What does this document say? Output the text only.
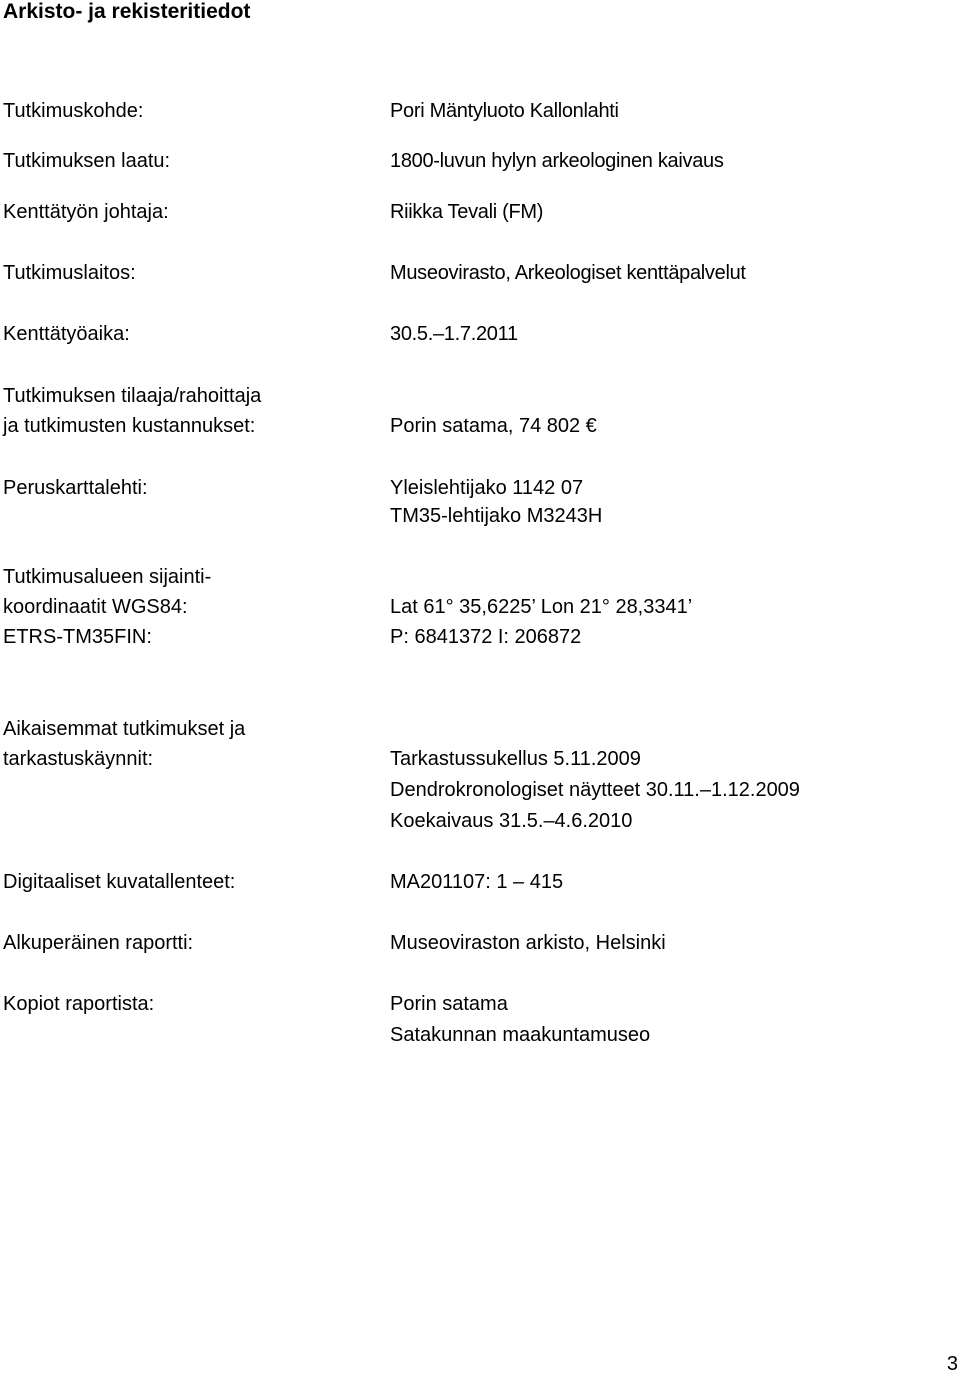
Arkisto- ja rekisteritiedot
Tutkimuskohde:	Pori Mäntyluoto Kallonlahti
Tutkimuksen laatu:	1800-luvun hylyn arkeologinen kaivaus
Kenttätyön johtaja:	Riikka Tevali (FM)
Tutkimuslaitos:	Museovirasto, Arkeologiset kenttäpalvelut
Kenttätyöaika:	30.5.–1.7.2011
Tutkimuksen tilaaja/rahoittaja
ja tutkimusten kustannukset:	Porin satama, 74 802 €
Peruskarttalehti:	Yleislehtijako 1142 07
TM35-lehtijako M3243H
Tutkimusalueen sijainti-
koordinaatit WGS84:	Lat 61° 35,6225’ Lon 21° 28,3341’
ETRS-TM35FIN:	P: 6841372 I: 206872
Aikaisemmat tutkimukset ja
tarkastuskäynnit:	Tarkastussukellus 5.11.2009
Dendrokronologiset näytteet 30.11.–1.12.2009
Koekaivaus 31.5.–4.6.2010
Digitaaliset kuvatallenteet:	MA201107: 1 – 415
Alkuperäinen raportti:	Museoviraston arkisto, Helsinki
Kopiot raportista:	Porin satama
Satakunnan maakuntamuseo
3
